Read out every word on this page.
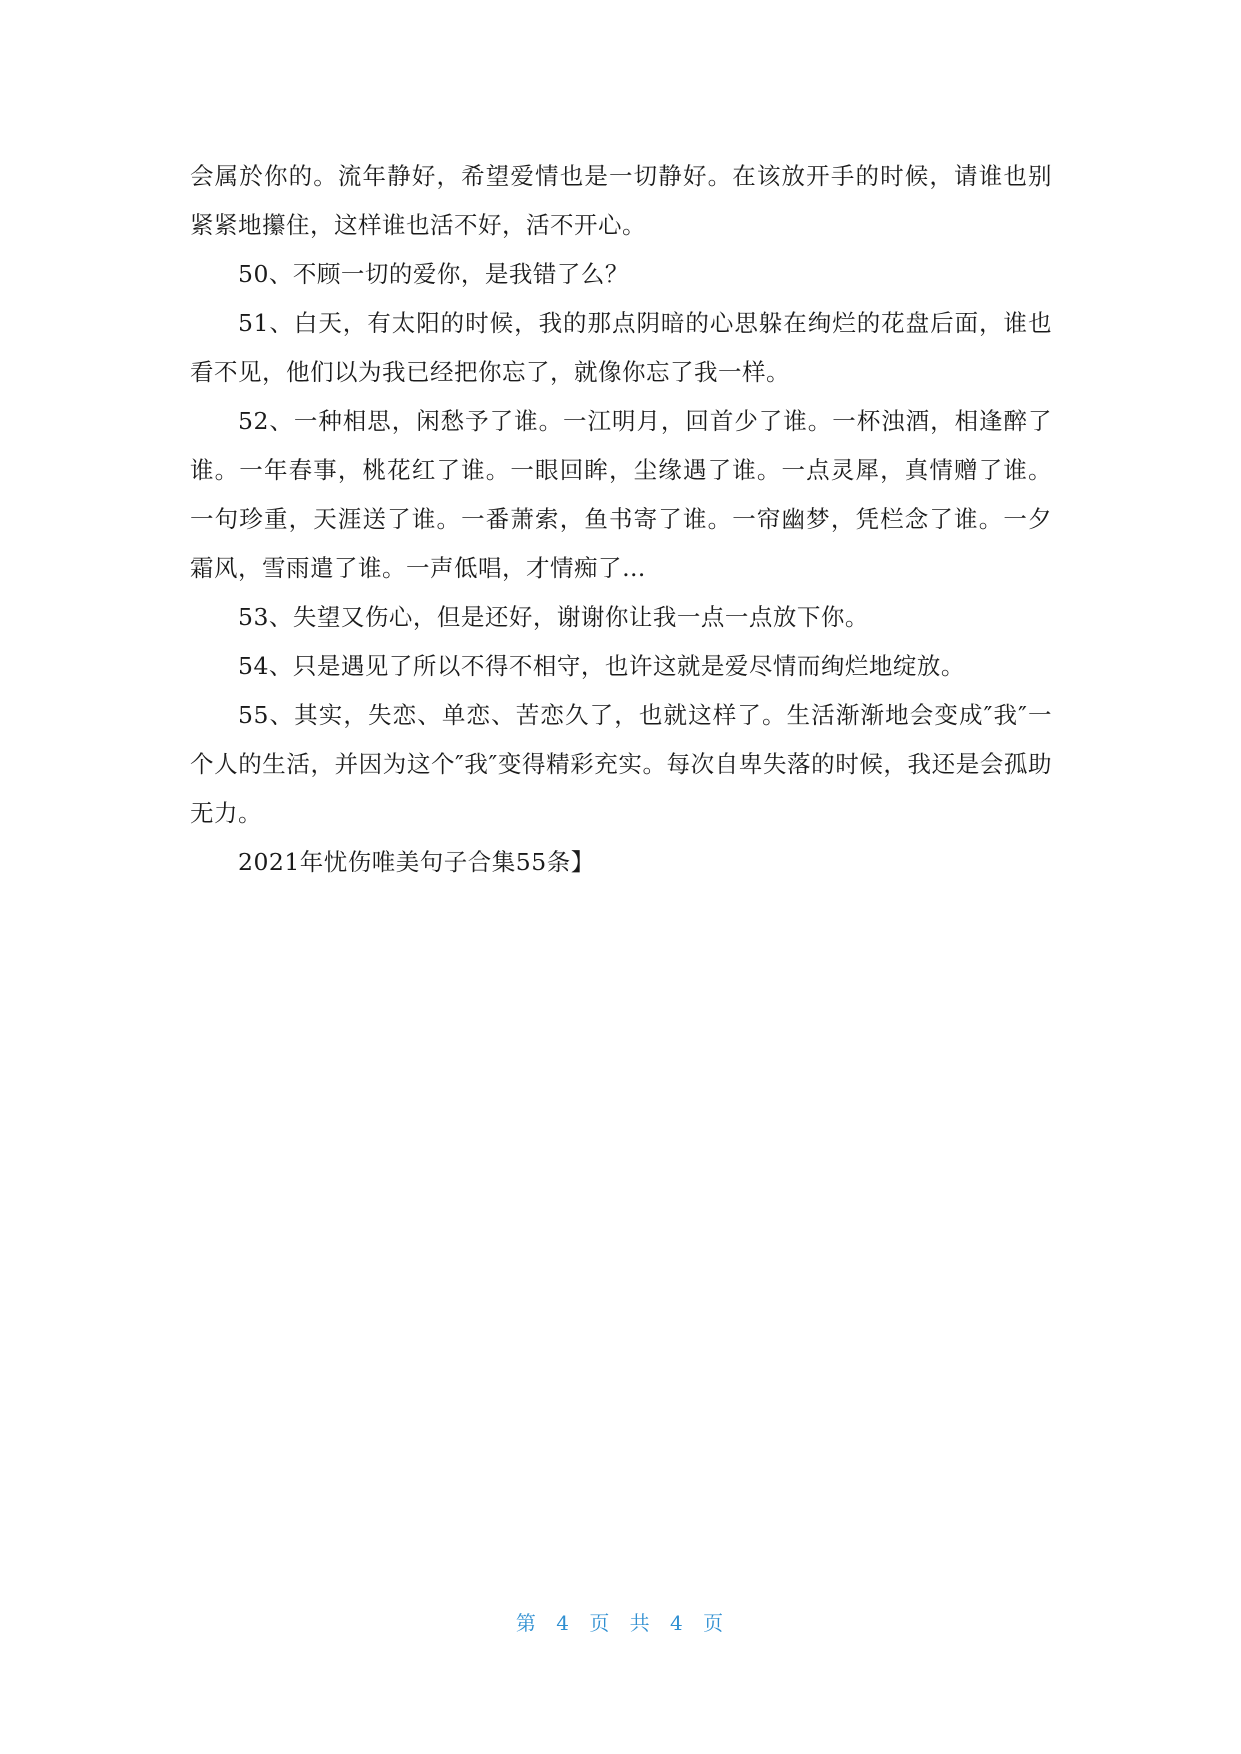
会属於你的。流年静好，希望爱情也是一切静好。在该放开手的时候，请谁也别紧紧地攥住，这样谁也活不好，活不开心。

50、不顾一切的爱你，是我错了么？

51、白天，有太阳的时候，我的那点阴暗的心思躲在绚烂的花盘后面，谁也看不见，他们以为我已经把你忘了，就像你忘了我一样。

52、一种相思，闲愁予了谁。一江明月，回首少了谁。一杯浊酒，相逢醉了谁。一年春事，桃花红了谁。一眼回眸，尘缘遇了谁。一点灵犀，真情赠了谁。一句珍重，天涯送了谁。一番萧索，鱼书寄了谁。一帘幽梦，凭栏念了谁。一夕霜风，雪雨遣了谁。一声低唱，才情痴了…

53、失望又伤心，但是还好，谢谢你让我一点一点放下你。

54、只是遇见了所以不得不相守，也许这就是爱尽情而绚烂地绽放。

55、其实，失恋、单恋、苦恋久了，也就这样了。生活渐渐地会变成″我″一个人的生活，并因为这个″我″变得精彩充实。每次自卑失落的时候，我还是会孤助无力。

2021年忧伤唯美句子合集55条】

第 4 页 共 4 页
